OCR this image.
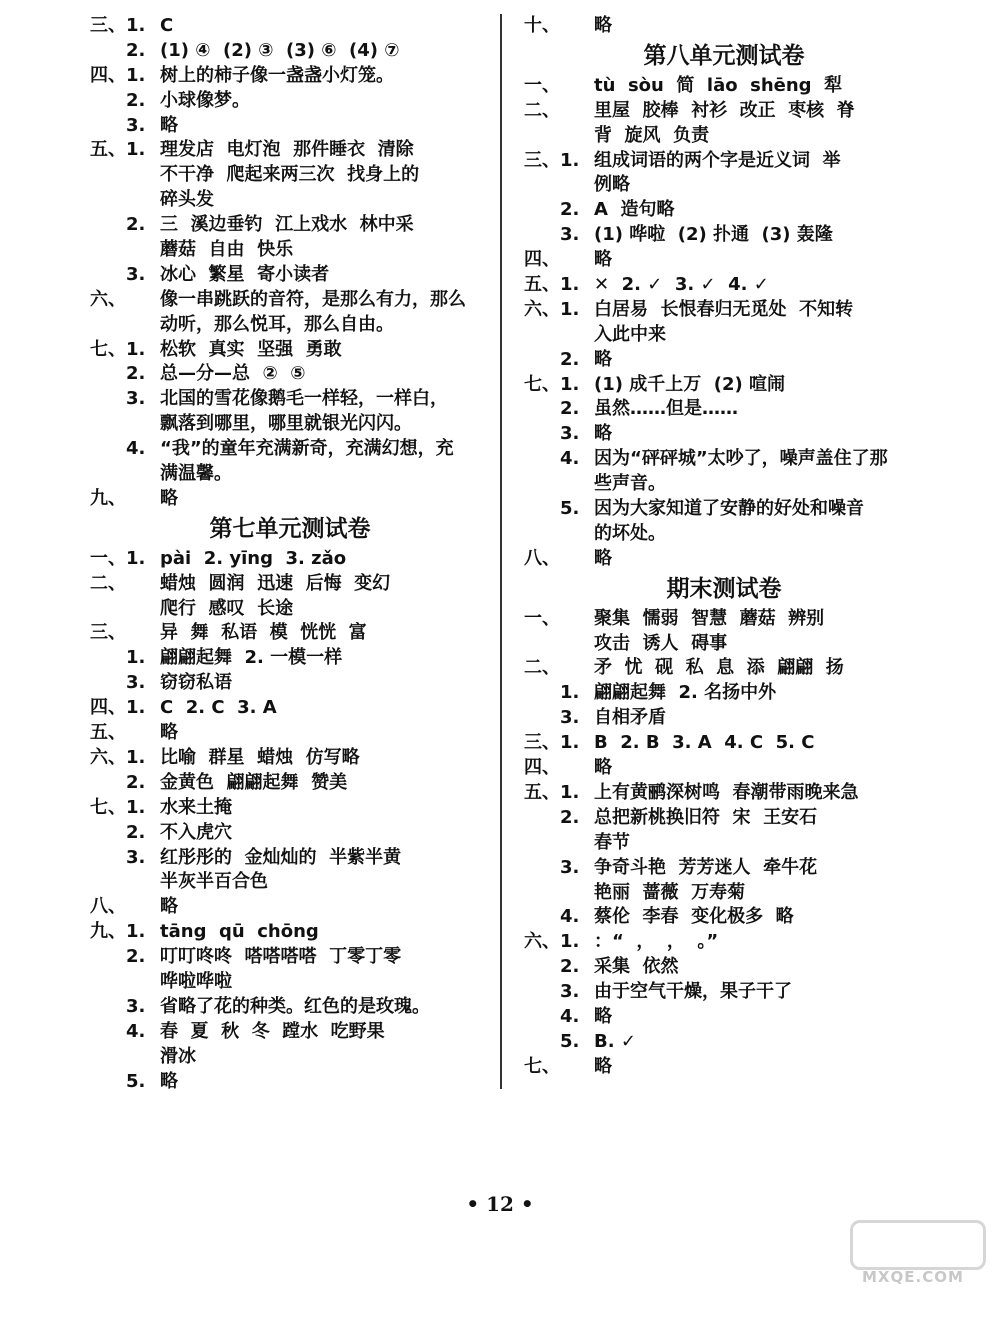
三、 1. C
2. (1) ④  (2) ③  (3) ⑥  (4) ⑦
四、 1. 树上的柿子像一盏盏小灯笼。
2. 小球像梦。
3. 略
五、 1. 理发店  电灯泡  那件睡衣  清除
不干净  爬起来两三次  找身上的
碎头发
2. 三  溪边垂钓  江上戏水  林中采
蘑菇  自由  快乐
3. 冰心  繁星  寄小读者
六、 像一串跳跃的音符，是那么有力，那么
动听，那么悦耳，那么自由。
七、 1. 松软  真实  坚强  勇敢
2. 总—分—总  ②  ⑤
3. 北国的雪花像鹅毛一样轻，一样白，
飘落到哪里，哪里就银光闪闪。
4. “我”的童年充满新奇，充满幻想，充
满温馨。
九、 略
第七单元测试卷
一、 1. pài  2. yīng  3. zǎo
二、 蜡烛  圆润  迅速  后悔  变幻
爬行  感叹  长途
三、 异  舞  私语  模  恍恍  富
1. 翩翩起舞  2. 一模一样
3. 窃窃私语
四、 1. C  2. C  3. A
五、 略
六、 1. 比喻  群星  蜡烛  仿写略
2. 金黄色  翩翩起舞  赞美
七、 1. 水来土掩
2. 不入虎穴
3. 红彤彤的  金灿灿的  半紫半黄
半灰半百合色
八、 略
九、 1. tāng  qū  chōng
2. 叮叮咚咚  嗒嗒嗒嗒  丁零丁零
哗啦哗啦
3. 省略了花的种类。红色的是玫瑰。
4. 春  夏  秋  冬  蹚水  吃野果
滑冰
5. 略
十、 略
第八单元测试卷
一、 tù  sòu  简  lāo  shēng  犁
二、 里屋  胶棒  衬衫  改正  枣核  脊
背  旋风  负责
三、 1. 组成词语的两个字是近义词  举
例略
2. A  造句略
3. (1) 哗啦  (2) 扑通  (3) 轰隆
四、 略
五、 1. ✕  2. ✓  3. ✓  4. ✓
六、 1. 白居易  长恨春归无觅处  不知转
入此中来
2. 略
七、 1. (1) 成千上万  (2) 喧闹
2. 虽然……但是……
3. 略
4. 因为“砰砰城”太吵了，噪声盖住了那
些声音。
5. 因为大家知道了安静的好处和噪音
的坏处。
八、 略
期末测试卷
一、 聚集  懦弱  智慧  蘑菇  辨别
攻击  诱人  碍事
二、 矛  忧  砚  私  息  添  翩翩  扬
1. 翩翩起舞  2. 名扬中外
3. 自相矛盾
三、 1. B  2. B  3. A  4. C  5. C
四、 略
五、 1. 上有黄鹂深树鸣  春潮带雨晚来急
2. 总把新桃换旧符  宋  王安石
春节
3. 争奇斗艳  芳芳迷人  牵牛花
艳丽  蔷薇  万寿菊
4. 蔡伦  李春  变化极多  略
六、 1. ：“  ，  ，  。”
2. 采集  依然
3. 由于空气干燥，果子干了
4. 略
5. B. ✓
七、 略
• 12 •
MXQE.COM
